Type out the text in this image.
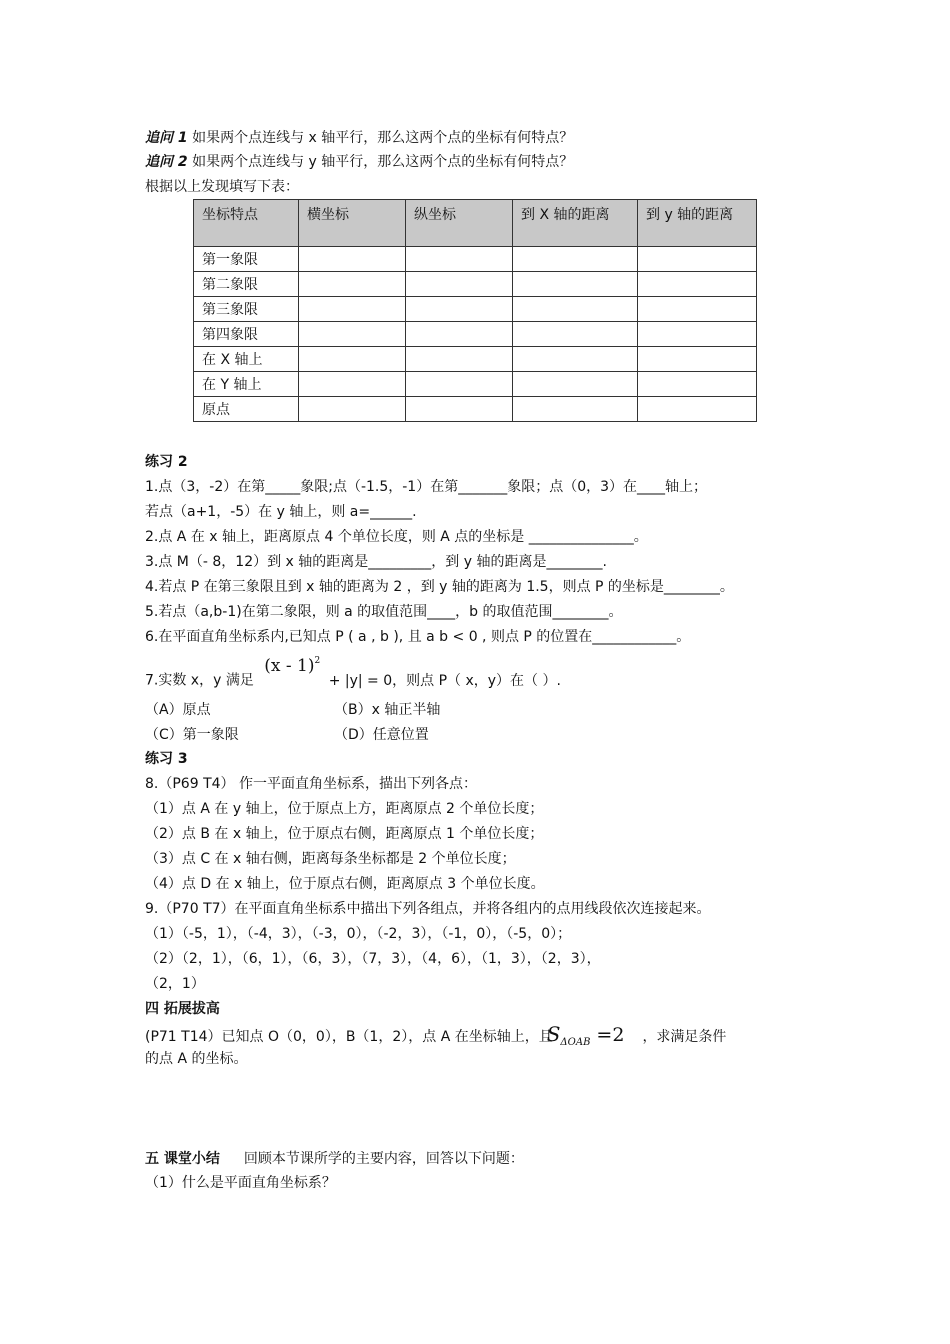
追问 1 如果两个点连线与 x 轴平行，那么这两个点的坐标有何特点？
追问 2 如果两个点连线与 y 轴平行，那么这两个点的坐标有何特点？
根据以上发现填写下表：
坐标特点	横坐标	纵坐标	到 X 轴的距离	到 y 轴的距离
第一象限				
第二象限				
第三象限				
第四象限				
在 X 轴上				
在 Y 轴上				
原点				
练习 2
1.点（3，-2）在第_____象限;点（-1.5，-1）在第_______象限；点（0，3）在____轴上；
若点（a+1，-5）在 y 轴上，则 a=______.
2.点 A 在 x 轴上，距离原点 4 个单位长度，则 A 点的坐标是 _______________。
3.点 M（- 8，12）到 x 轴的距离是_________，到 y 轴的距离是________.
4.若点 P 在第三象限且到 x 轴的距离为 2 ，到 y 轴的距离为 1.5，则点 P 的坐标是________。
5.若点（a,b-1)在第二象限，则 a 的取值范围____，b 的取值范围________。
6.在平面直角坐标系内,已知点 P ( a , b ), 且 a b < 0 , 则点 P 的位置在____________。
7.实数 x，y 满足 (x - 1)$^2$ + |y| = 0，则点 P（ x，y）在（ ）.
（A）原点	（B）x 轴正半轴
（C）第一象限	（D）任意位置
练习 3
8.（P69 T4） 作一平面直角坐标系，描出下列各点：
（1）点 A 在 y 轴上，位于原点上方，距离原点 2 个单位长度；
（2）点 B 在 x 轴上，位于原点右侧，距离原点 1 个单位长度；
（3）点 C 在 x 轴右侧，距离每条坐标都是 2 个单位长度；
（4）点 D 在 x 轴上，位于原点右侧，距离原点 3 个单位长度。
9.（P70 T7）在平面直角坐标系中描出下列各组点，并将各组内的点用线段依次连接起来。
（1）（-5，1），（-4，3），（-3，0），（-2，3），（-1，0），（-5，0）；
（2）（2，1），（6，1），（6，3），（7，3），（4，6），（1，3），（2，3），
（2，1）
四 拓展拔高
(P71 T14）已知点 O（0，0），B（1，2），点 A 在坐标轴上，且$S_{\Delta OAB} =2$ ，求满足条件
的点 A 的坐标。
五 课堂小结 回顾本节课所学的主要内容，回答以下问题：
（1）什么是平面直角坐标系？
